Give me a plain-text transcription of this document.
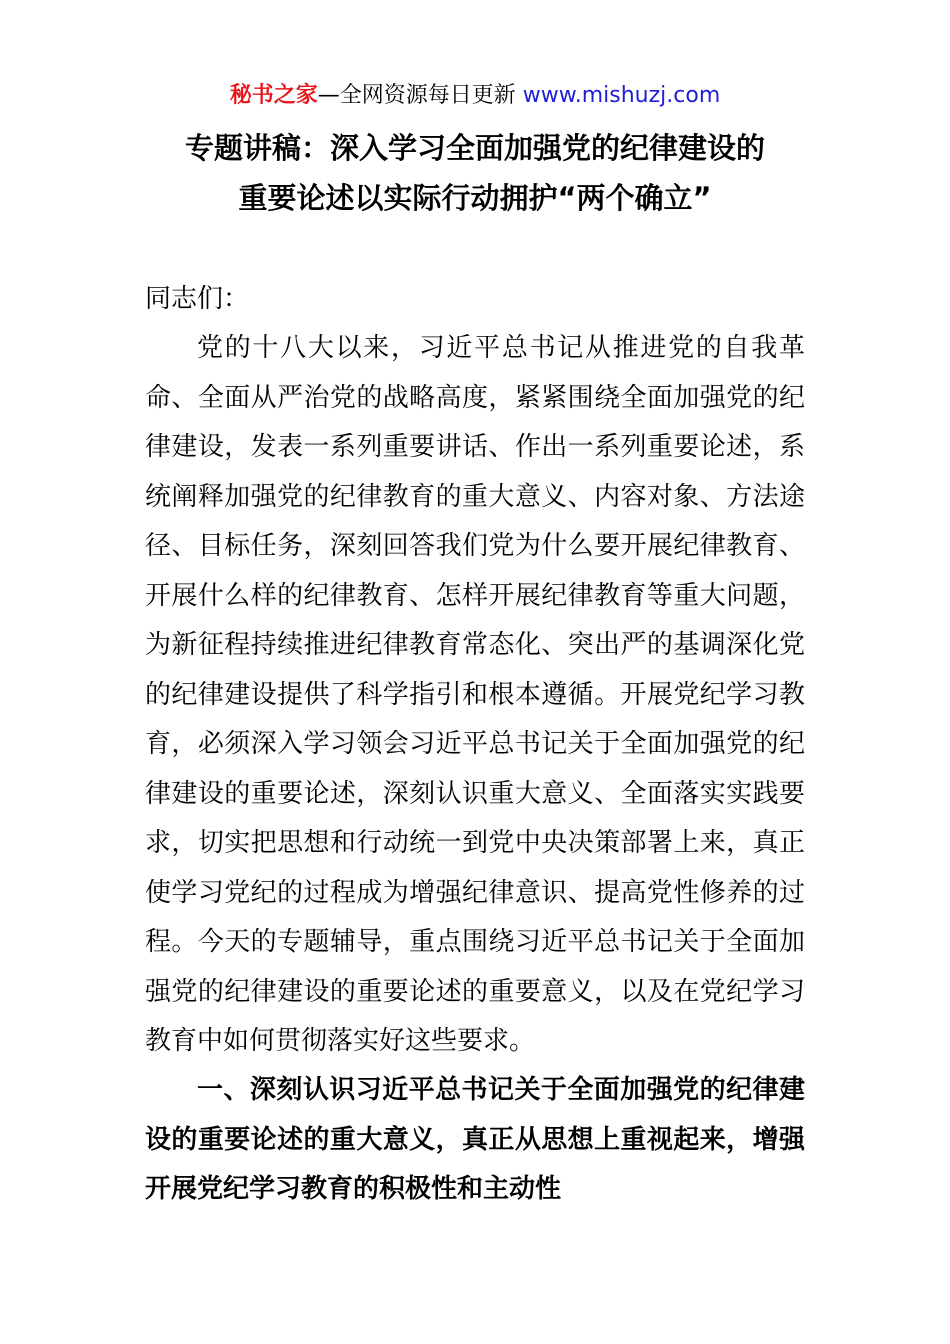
秘书之家—全网资源每日更新 www.mishuzj.com
专题讲稿：深入学习全面加强党的纪律建设的
重要论述以实际行动拥护“两个确立”
同志们：
党的十八大以来，习近平总书记从推进党的自我革命、全面从严治党的战略高度，紧紧围绕全面加强党的纪律建设，发表一系列重要讲话、作出一系列重要论述，系统阐释加强党的纪律教育的重大意义、内容对象、方法途径、目标任务，深刻回答我们党为什么要开展纪律教育、开展什么样的纪律教育、怎样开展纪律教育等重大问题，为新征程持续推进纪律教育常态化、突出严的基调深化党的纪律建设提供了科学指引和根本遵循。开展党纪学习教育，必须深入学习领会习近平总书记关于全面加强党的纪律建设的重要论述，深刻认识重大意义、全面落实实践要求，切实把思想和行动统一到党中央决策部署上来，真正使学习党纪的过程成为增强纪律意识、提高党性修养的过程。今天的专题辅导，重点围绕习近平总书记关于全面加强党的纪律建设的重要论述的重要意义，以及在党纪学习教育中如何贯彻落实好这些要求。
一、深刻认识习近平总书记关于全面加强党的纪律建设的重要论述的重大意义，真正从思想上重视起来，增强开展党纪学习教育的积极性和主动性
